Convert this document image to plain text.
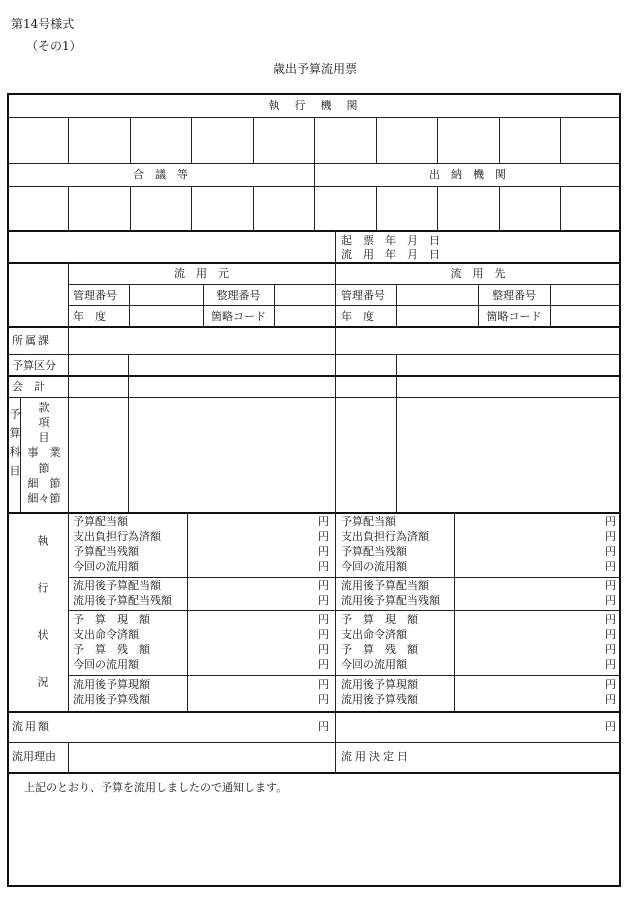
第14号様式
（その1）
歳出予算流用票
執　行　機　関
合　議　等	出　納　機　関
起　票　年　月　日
流　用　年　月　日
流　用　元	流　用　先
管理番号	整理番号
年　度	箇略コード
管理番号	整理番号
年　度	箇略コード
所属課
予算区分
会　計
予算科目
款
項
目
事　業
節
細　節
細々節
執行状況
予算配当額	円 予算配当額	円
支出負担行為済額	円 支出負担行為済額	円
予算配当残額	円 予算配当残額	円
今回の流用額	円 今回の流用額	円
流用後予算配当額	円 流用後予算配当額	円
流用後予算配当残額	円 流用後予算配当残額	円
予　算　現　額	円 予　算　現　額	円
支出命令済額	円 支出命令済額	円
予　算　残　額	円 予　算　残　額	円
今回の流用額	円 今回の流用額	円
流用後予算現額	円 流用後予算現額	円
流用後予算残額	円 流用後予算残額	円
流用額	円	円
流用理由	流用決定日
上記のとおり、予算を流用しましたので通知します。
